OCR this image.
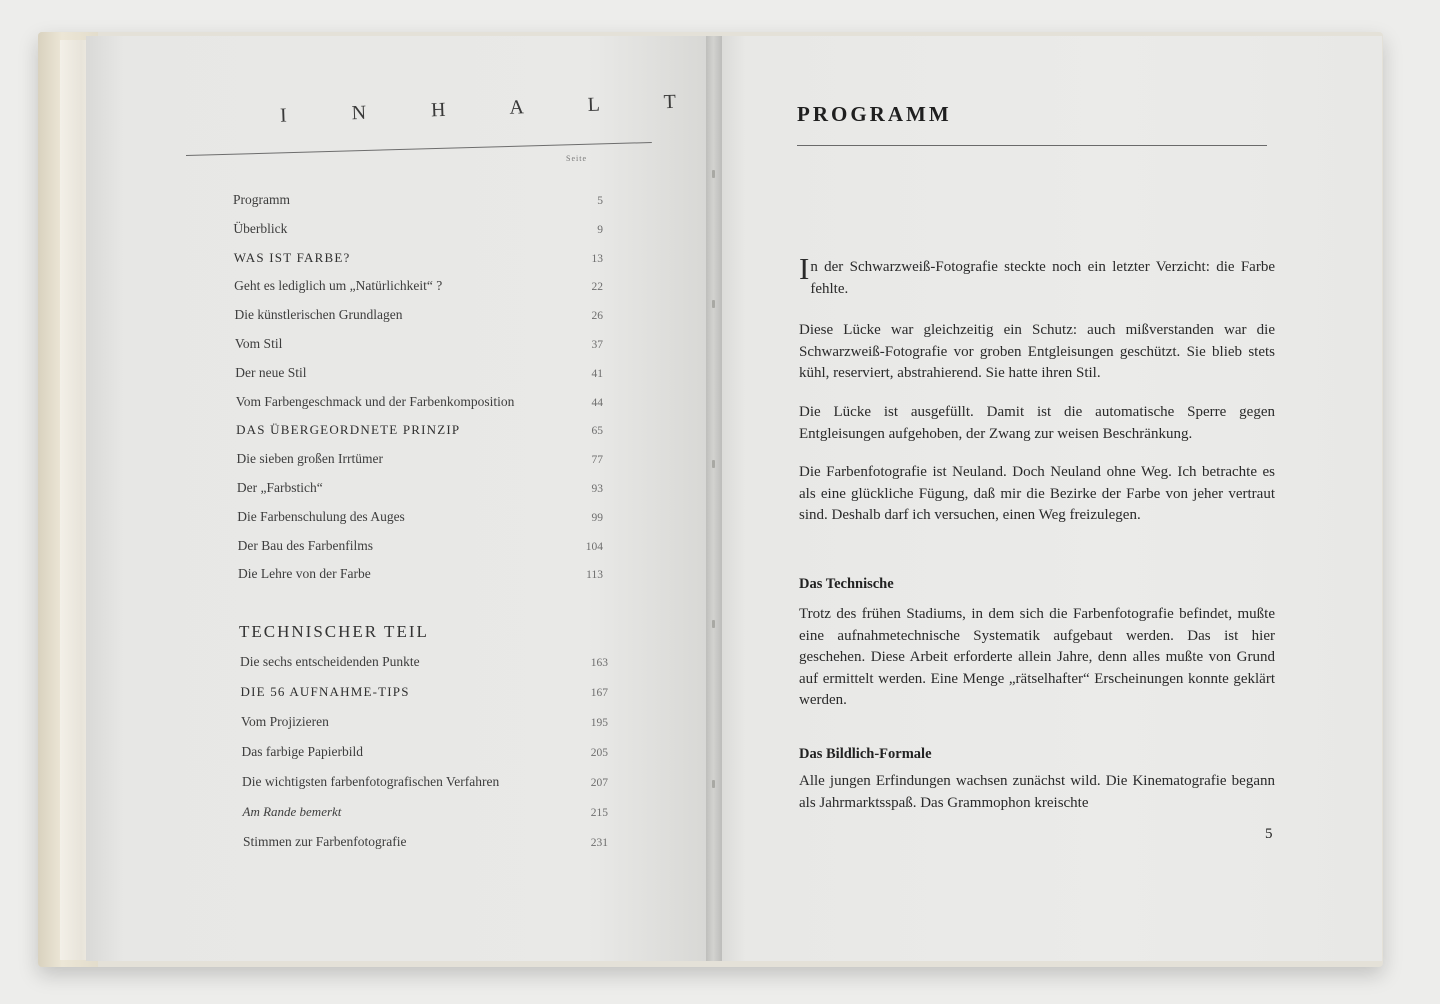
I N H A L T
Seite
Programm	5
Überblick	9
WAS IST FARBE?	13
Geht es lediglich um „Natürlichkeit“ ?	22
Die künstlerischen Grundlagen	26
Vom Stil	37
Der neue Stil	41
Vom Farbengeschmack und der Farbenkomposition	44
DAS ÜBERGEORDNETE PRINZIP	65
Die sieben großen Irrtümer	77
Der „Farbstich“	93
Die Farbenschulung des Auges	99
Der Bau des Farbenfilms	104
Die Lehre von der Farbe	113
TECHNISCHER TEIL
Die sechs entscheidenden Punkte	163
DIE 56 AUFNAHME-TIPS	167
Vom Projizieren	195
Das farbige Papierbild	205
Die wichtigsten farbenfotografischen Verfahren	207
Am Rande bemerkt	215
Stimmen zur Farbenfotografie	231
PROGRAMM
In der Schwarzweiß-Fotografie steckte noch ein letzter Verzicht: die Farbe fehlte.
Diese Lücke war gleichzeitig ein Schutz: auch mißverstanden war die Schwarzweiß-Fotografie vor groben Entgleisungen geschützt. Sie blieb stets kühl, reserviert, abstrahierend. Sie hatte ihren Stil.
Die Lücke ist ausgefüllt. Damit ist die automatische Sperre gegen Entgleisungen aufgehoben, der Zwang zur weisen Beschränkung.
Die Farbenfotografie ist Neuland. Doch Neuland ohne Weg. Ich betrachte es als eine glückliche Fügung, daß mir die Bezirke der Farbe von jeher vertraut sind. Deshalb darf ich versuchen, einen Weg freizulegen.
Das Technische
Trotz des frühen Stadiums, in dem sich die Farbenfotografie befindet, mußte eine aufnahmetechnische Systematik aufgebaut werden. Das ist hier geschehen. Diese Arbeit erforderte allein Jahre, denn alles mußte von Grund auf ermittelt werden. Eine Menge „rätselhafter“ Erscheinungen konnte geklärt werden.
Das Bildlich-Formale
Alle jungen Erfindungen wachsen zunächst wild. Die Kinematografie begann als Jahrmarktsspaß. Das Grammophon kreischte
5
